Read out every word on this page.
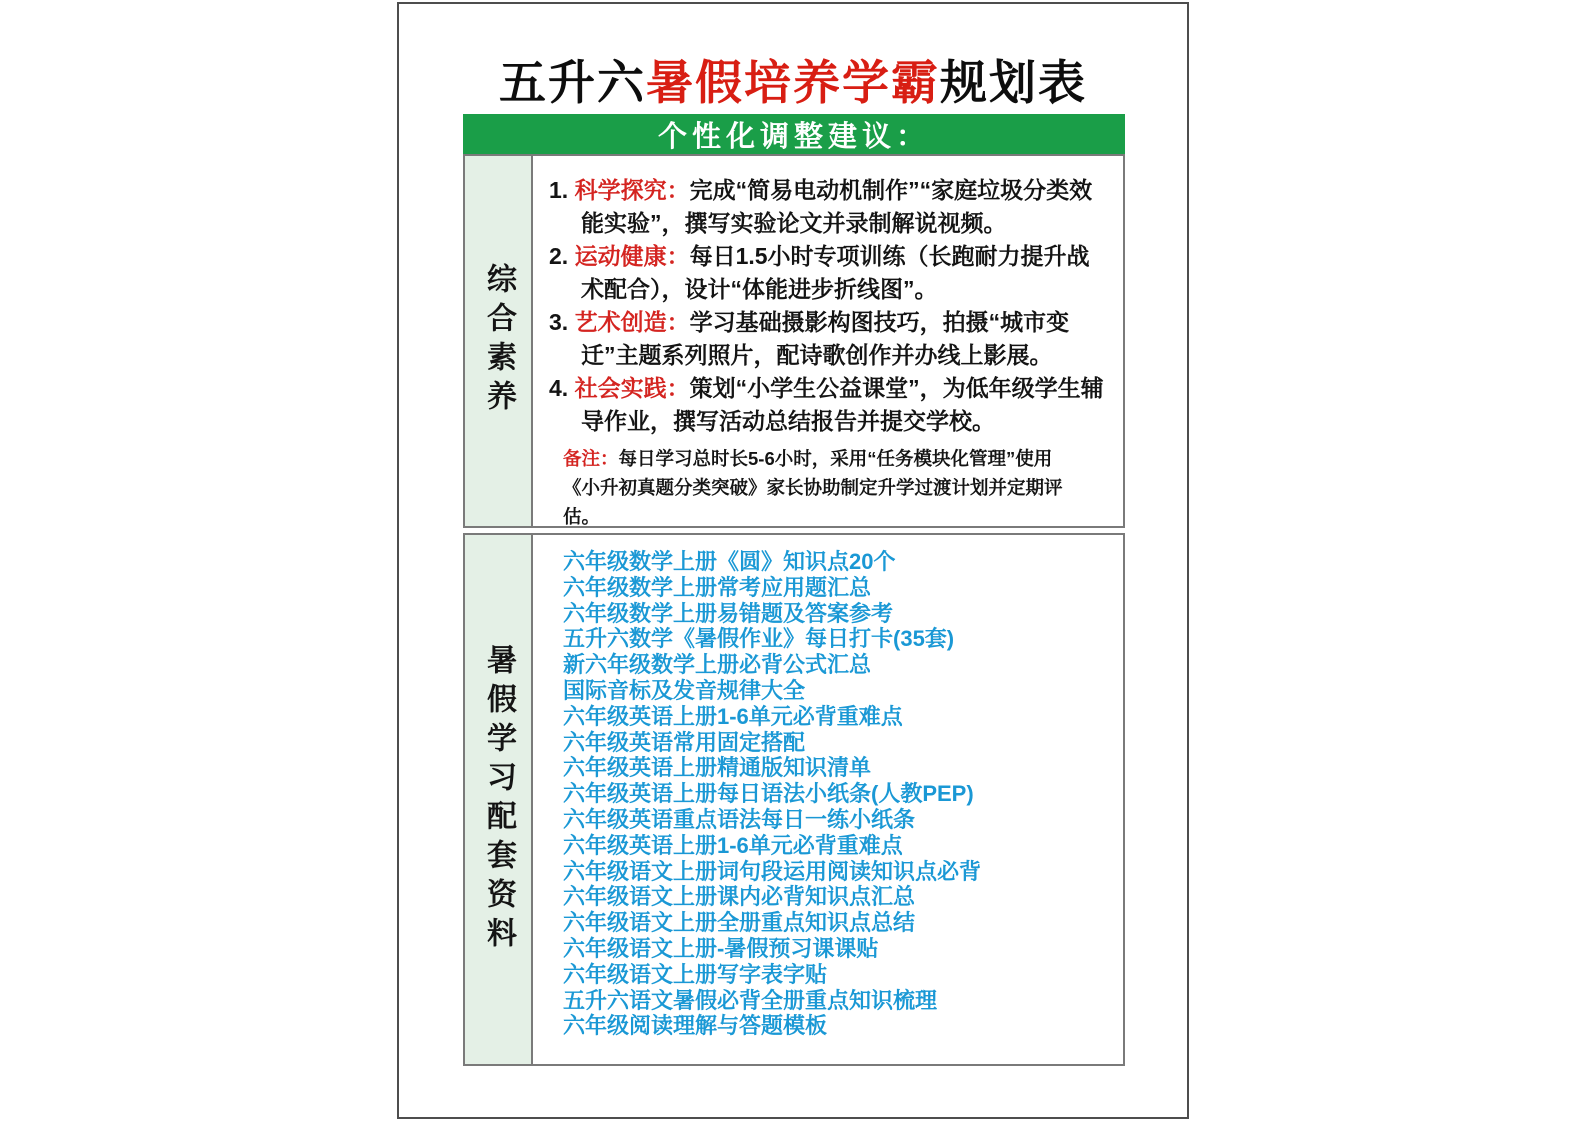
五升六暑假培养学霸规划表
个性化调整建议：
综合素养

1. 科学探究：完成“简易电动机制作”“家庭垃圾分类效能实验”，撰写实验论文并录制解说视频。

2. 运动健康：每日1.5小时专项训练（长跑耐力提升战术配合），设计“体能进步折线图”。

3. 艺术创造：学习基础摄影构图技巧，拍摄“城市变迁”主题系列照片，配诗歌创作并办线上影展。

4. 社会实践：策划“小学生公益课堂”，为低年级学生辅导作业，撰写活动总结报告并提交学校。

备注：每日学习总时长5-6小时，采用“任务模块化管理”使用《小升初真题分类突破》家长协助制定升学过渡计划并定期评估。

暑假学习配套资料
六年级数学上册《圆》知识点20个
六年级数学上册常考应用题汇总
六年级数学上册易错题及答案参考
五升六数学《暑假作业》每日打卡(35套)
新六年级数学上册必背公式汇总
国际音标及发音规律大全
六年级英语上册1-6单元必背重难点
六年级英语常用固定搭配
六年级英语上册精通版知识清单
六年级英语上册每日语法小纸条(人教PEP)
六年级英语重点语法每日一练小纸条
六年级英语上册1-6单元必背重难点
六年级语文上册词句段运用阅读知识点必背
六年级语文上册课内必背知识点汇总
六年级语文上册全册重点知识点总结
六年级语文上册-暑假预习课课贴
六年级语文上册写字表字贴
五升六语文暑假必背全册重点知识梳理
六年级阅读理解与答题模板
